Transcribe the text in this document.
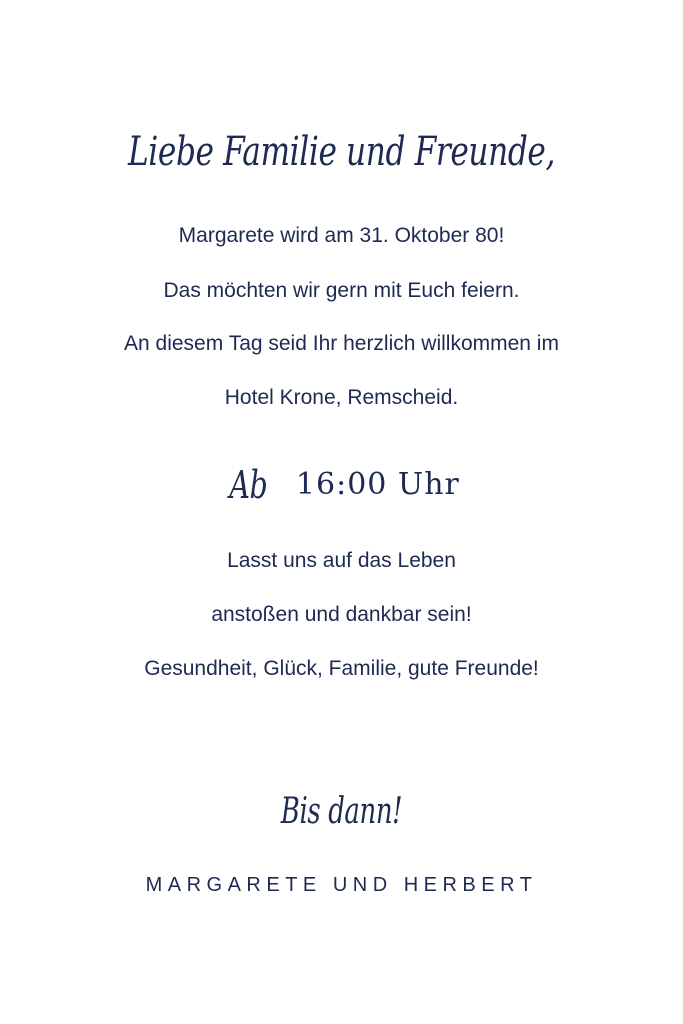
Liebe Familie und Freunde,
Margarete wird am 31. Oktober 80!
Das möchten wir gern mit Euch feiern.
An diesem Tag seid Ihr herzlich willkommen im
Hotel Krone, Remscheid.
Ab 16:00 Uhr
Lasst uns auf das Leben
anstoßen und dankbar sein!
Gesundheit, Glück, Familie, gute Freunde!
Bis dann!
MARGARETE UND HERBERT
